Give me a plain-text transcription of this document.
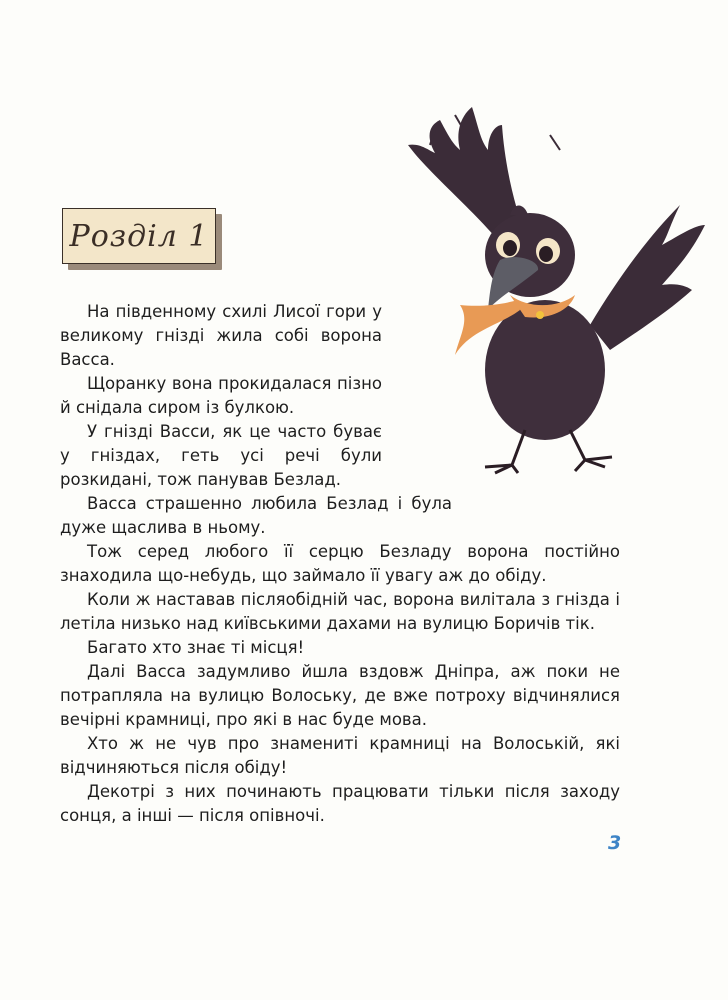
Розділ 1

На південному схилі Лисої гори у великому гнізді жила собі ворона Васса.

Щоранку вона прокидалася пізно й снідала сиром із булкою.

У гнізді Васси, як це часто буває у гніздах, геть усі речі були розкидані, тож панував Безлад.

Васса страшенно любила Безлад і була дуже щаслива в ньому.

Тож серед любого її серцю Безладу ворона постійно знаходила що-небудь, що займало її увагу аж до обіду.

Коли ж наставав післяобідній час, ворона вилітала з гнізда і летіла низько над київськими дахами на вулицю Боричів тік.

Багато хто знає ті місця!

Далі Васса задумливо йшла вздовж Дніпра, аж поки не потрапляла на вулицю Волоську, де вже потроху відчинялися вечірні крамниці, про які в нас буде мова.

Хто ж не чув про знамениті крамниці на Волоській, які відчиняються після обіду!

Декотрі з них починають працювати тільки після заходу сонця, а інші — після опівночі.

3
